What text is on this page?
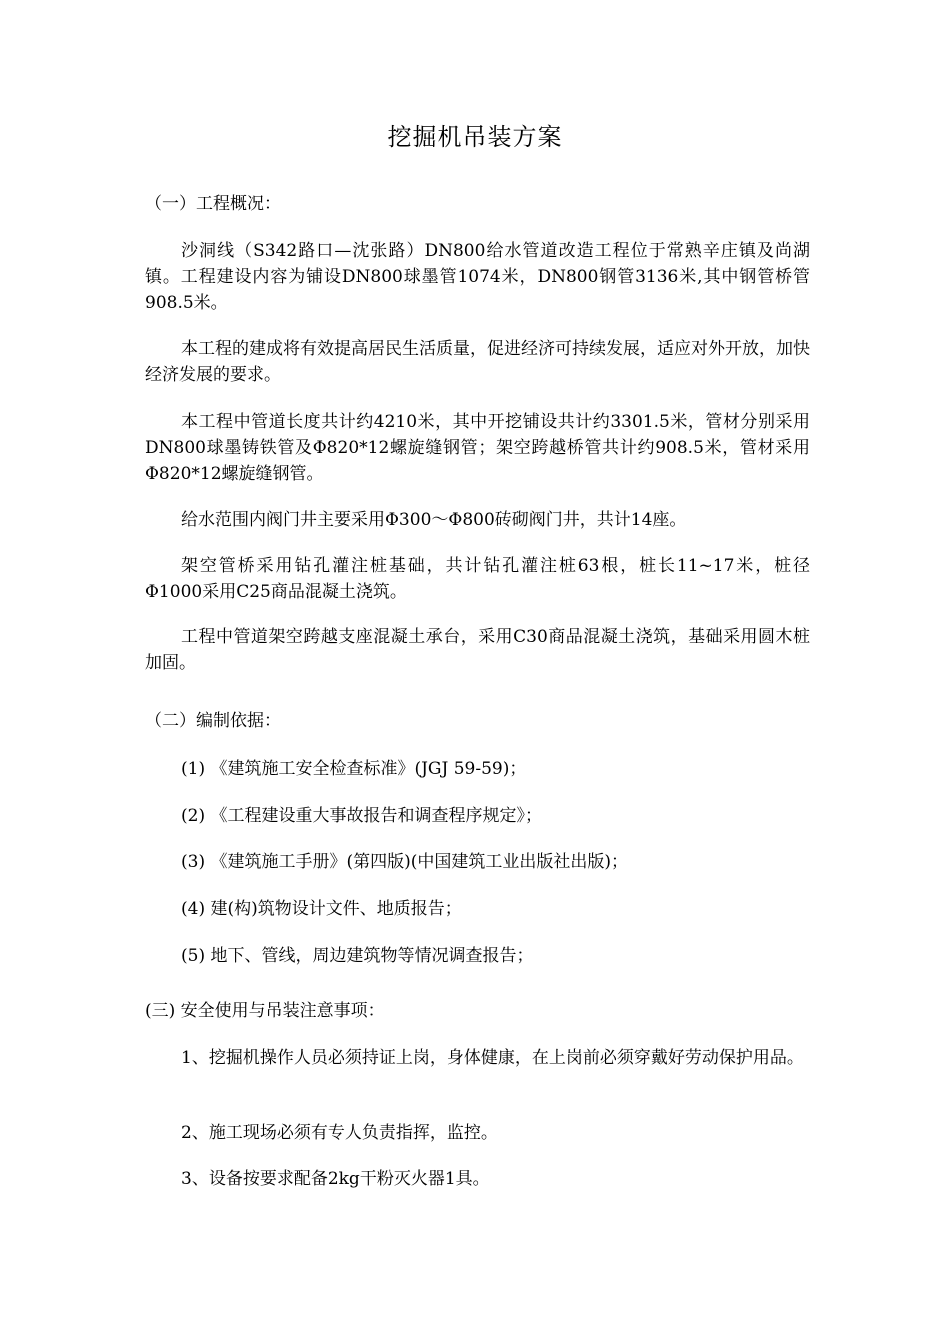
挖掘机吊装方案

（一）工程概况：

沙洞线（S342路口—沈张路）DN800给水管道改造工程位于常熟辛庄镇及尚湖镇。工程建设内容为铺设DN800球墨管1074米，DN800钢管3136米,其中钢管桥管908.5米。

本工程的建成将有效提高居民生活质量，促进经济可持续发展，适应对外开放，加快经济发展的要求。

本工程中管道长度共计约4210米，其中开挖铺设共计约3301.5米，管材分别采用DN800球墨铸铁管及Φ820*12螺旋缝钢管；架空跨越桥管共计约908.5米，管材采用Φ820*12螺旋缝钢管。

给水范围内阀门井主要采用Φ300～Φ800砖砌阀门井，共计14座。

架空管桥采用钻孔灌注桩基础，共计钻孔灌注桩63根，桩长11~17米，桩径Φ1000采用C25商品混凝土浇筑。

工程中管道架空跨越支座混凝土承台，采用C30商品混凝土浇筑，基础采用圆木桩加固。

（二）编制依据：

(1) 《建筑施工安全检查标准》(JGJ 59-59)；

(2) 《工程建设重大事故报告和调查程序规定》；

(3) 《建筑施工手册》(第四版)(中国建筑工业出版社出版)；

(4) 建(构)筑物设计文件、地质报告；

(5) 地下、管线，周边建筑物等情况调查报告；

(三) 安全使用与吊装注意事项：

1、挖掘机操作人员必须持证上岗，身体健康，在上岗前必须穿戴好劳动保护用品。

2、施工现场必须有专人负责指挥，监控。

3、设备按要求配备2kg干粉灭火器1具。
